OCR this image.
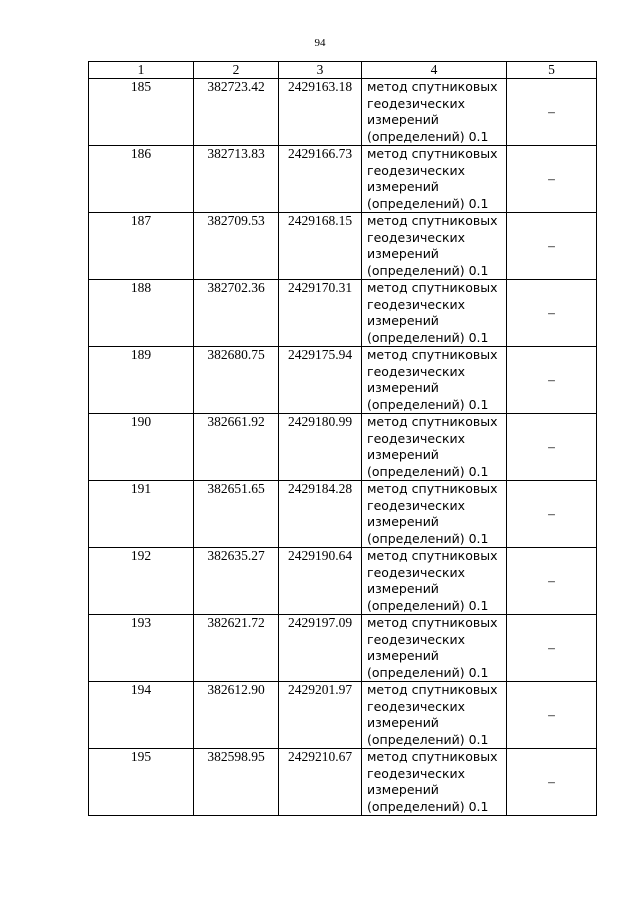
94
1	2	3	4	5
185	382723.42	2429163.18	метод спутниковых
геодезических
измерений
(определений) 0.1	–
186	382713.83	2429166.73	метод спутниковых
геодезических
измерений
(определений) 0.1	–
187	382709.53	2429168.15	метод спутниковых
геодезических
измерений
(определений) 0.1	–
188	382702.36	2429170.31	метод спутниковых
геодезических
измерений
(определений) 0.1	–
189	382680.75	2429175.94	метод спутниковых
геодезических
измерений
(определений) 0.1	–
190	382661.92	2429180.99	метод спутниковых
геодезических
измерений
(определений) 0.1	–
191	382651.65	2429184.28	метод спутниковых
геодезических
измерений
(определений) 0.1	–
192	382635.27	2429190.64	метод спутниковых
геодезических
измерений
(определений) 0.1	–
193	382621.72	2429197.09	метод спутниковых
геодезических
измерений
(определений) 0.1	–
194	382612.90	2429201.97	метод спутниковых
геодезических
измерений
(определений) 0.1	–
195	382598.95	2429210.67	метод спутниковых
геодезических
измерений
(определений) 0.1	–
